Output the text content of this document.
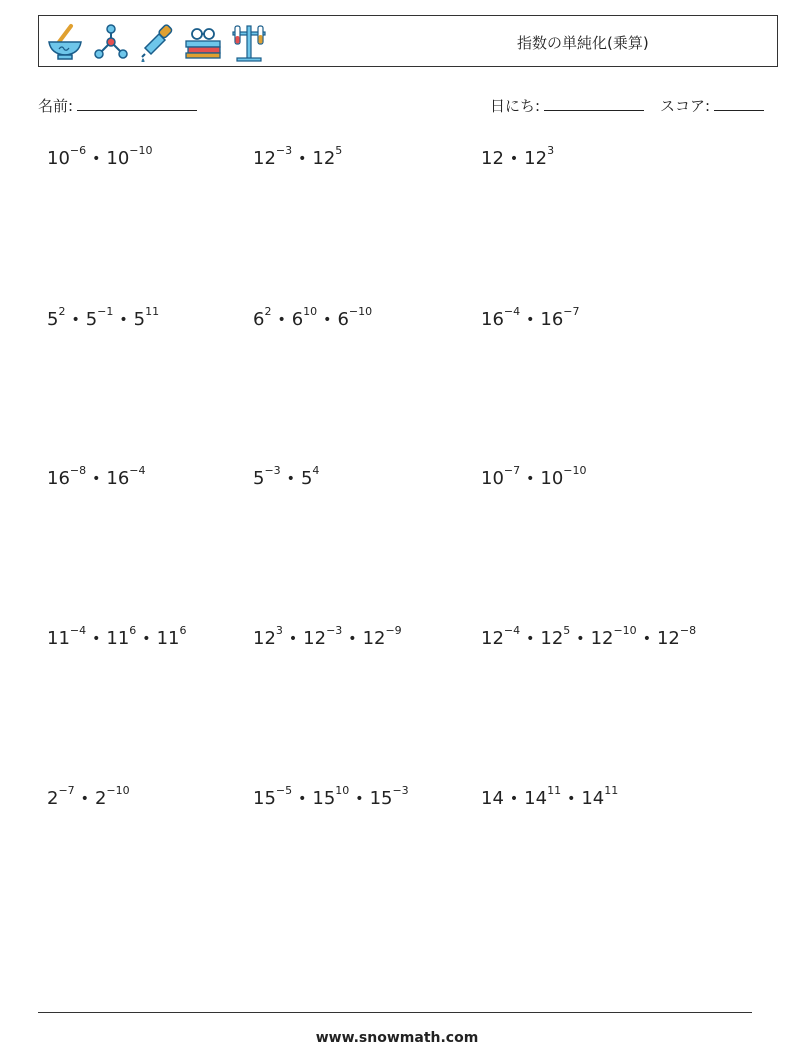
指数の単純化(乗算)
名前:	日にち:	スコア:
$10^{-6}•$ $10^{-10}$	$12^{-3}•$ $12^5$	12 • $12^3$
$5^2•$ $5^{-1}•$ $5^{11}$	$6^2•$ $6^{10}•$ $6^{-10}$	$16^{-4}•$ $16^{-7}$
$16^{-8}•$ $16^{-4}$	$5^{-3}•$ $5^4$	$10^{-7}•$ $10^{-10}$
$11^{-4}•$ $11^6•$ $11^6$	$12^3•$ $12^{-3}•$ $12^{-9}$	$12^{-4}•$ $12^5•$ $12^{-10}•$ $12^{-8}$
$2^{-7}•$ $2^{-10}$	$15^{-5}•$ $15^{10}•$ $15^{-3}$	14 • $14^{11}•$ $14^{11}$
www.snowmath.com
